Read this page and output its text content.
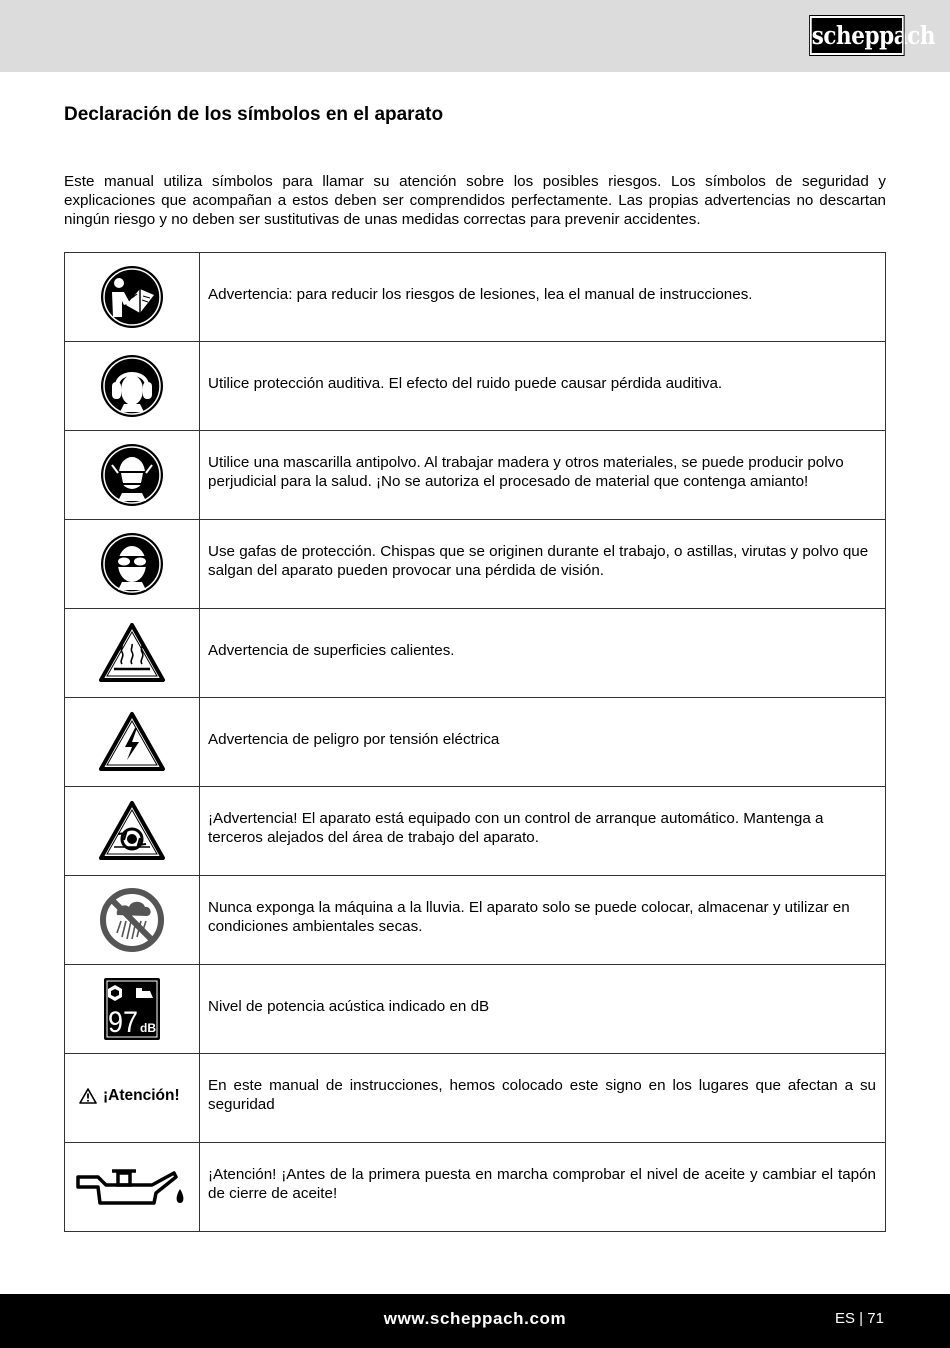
scheppach
Declaración de los símbolos en el aparato

Este manual utiliza símbolos para llamar su atención sobre los posibles riesgos. Los símbolos de seguridad y explicaciones que acompañan a estos deben ser comprendidos perfectamente. Las propias advertencias no descartan ningún riesgo y no deben ser sustitutivas de unas medidas correctas para prevenir accidentes.

	Advertencia: para reducir los riesgos de lesiones, lea el manual de instrucciones.

	Utilice protección auditiva. El efecto del ruido puede causar pérdida auditiva.

	Utilice una mascarilla antipolvo. Al trabajar madera y otros materiales, se puede producir polvo perjudicial para la salud. ¡No se autoriza el procesado de material que contenga amianto!

	Use gafas de protección. Chispas que se originen durante el trabajo, o astillas, virutas y polvo que salgan del aparato pueden provocar una pérdida de visión.

	Advertencia de superficies calientes.

	Advertencia de peligro por tensión eléctrica

	¡Advertencia! El aparato está equipado con un control de arranque automático. Mantenga a terceros alejados del área de trabajo del aparato.

	Nunca exponga la máquina a la lluvia. El aparato solo se puede colocar, almacenar y utilizar en condiciones ambientales secas.

97 dB	Nivel de potencia acústica indicado en dB

¡Atención!	En este manual de instrucciones, hemos colocado este signo en los lugares que afectan a su seguridad

	¡Atención! ¡Antes de la primera puesta en marcha comprobar el nivel de aceite y cambiar el tapón de cierre de aceite!
www.scheppach.com	ES | 71
